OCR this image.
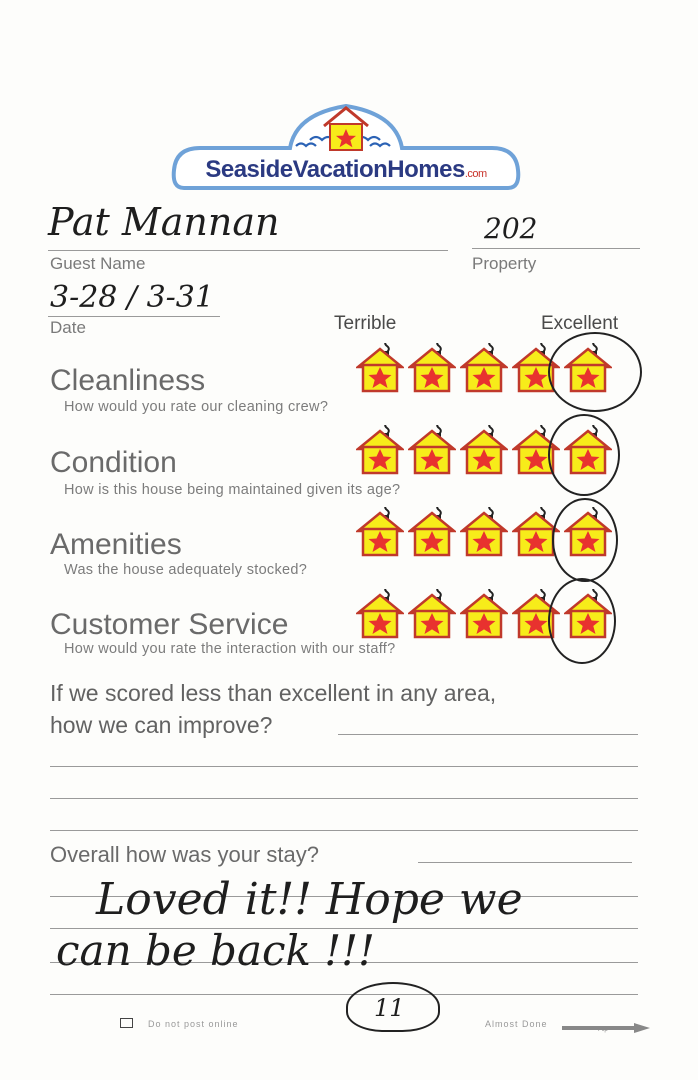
SeasideVacationHomes.com
Pat Mannan
Guest Name
202
Property
3-28 / 3-31
Date	Terrible	Excellent
Cleanliness
How would you rate our cleaning crew?
Condition
How is this house being maintained given its age?
Amenities
Was the house adequately stocked?
Customer Service
How would you rate the interaction with our staff?
If we scored less than excellent in any area,
how we can improve?
Overall how was your stay?
Loved it!! Hope we
can be back !!!
11
Do not post online	Almost Done
Flip
